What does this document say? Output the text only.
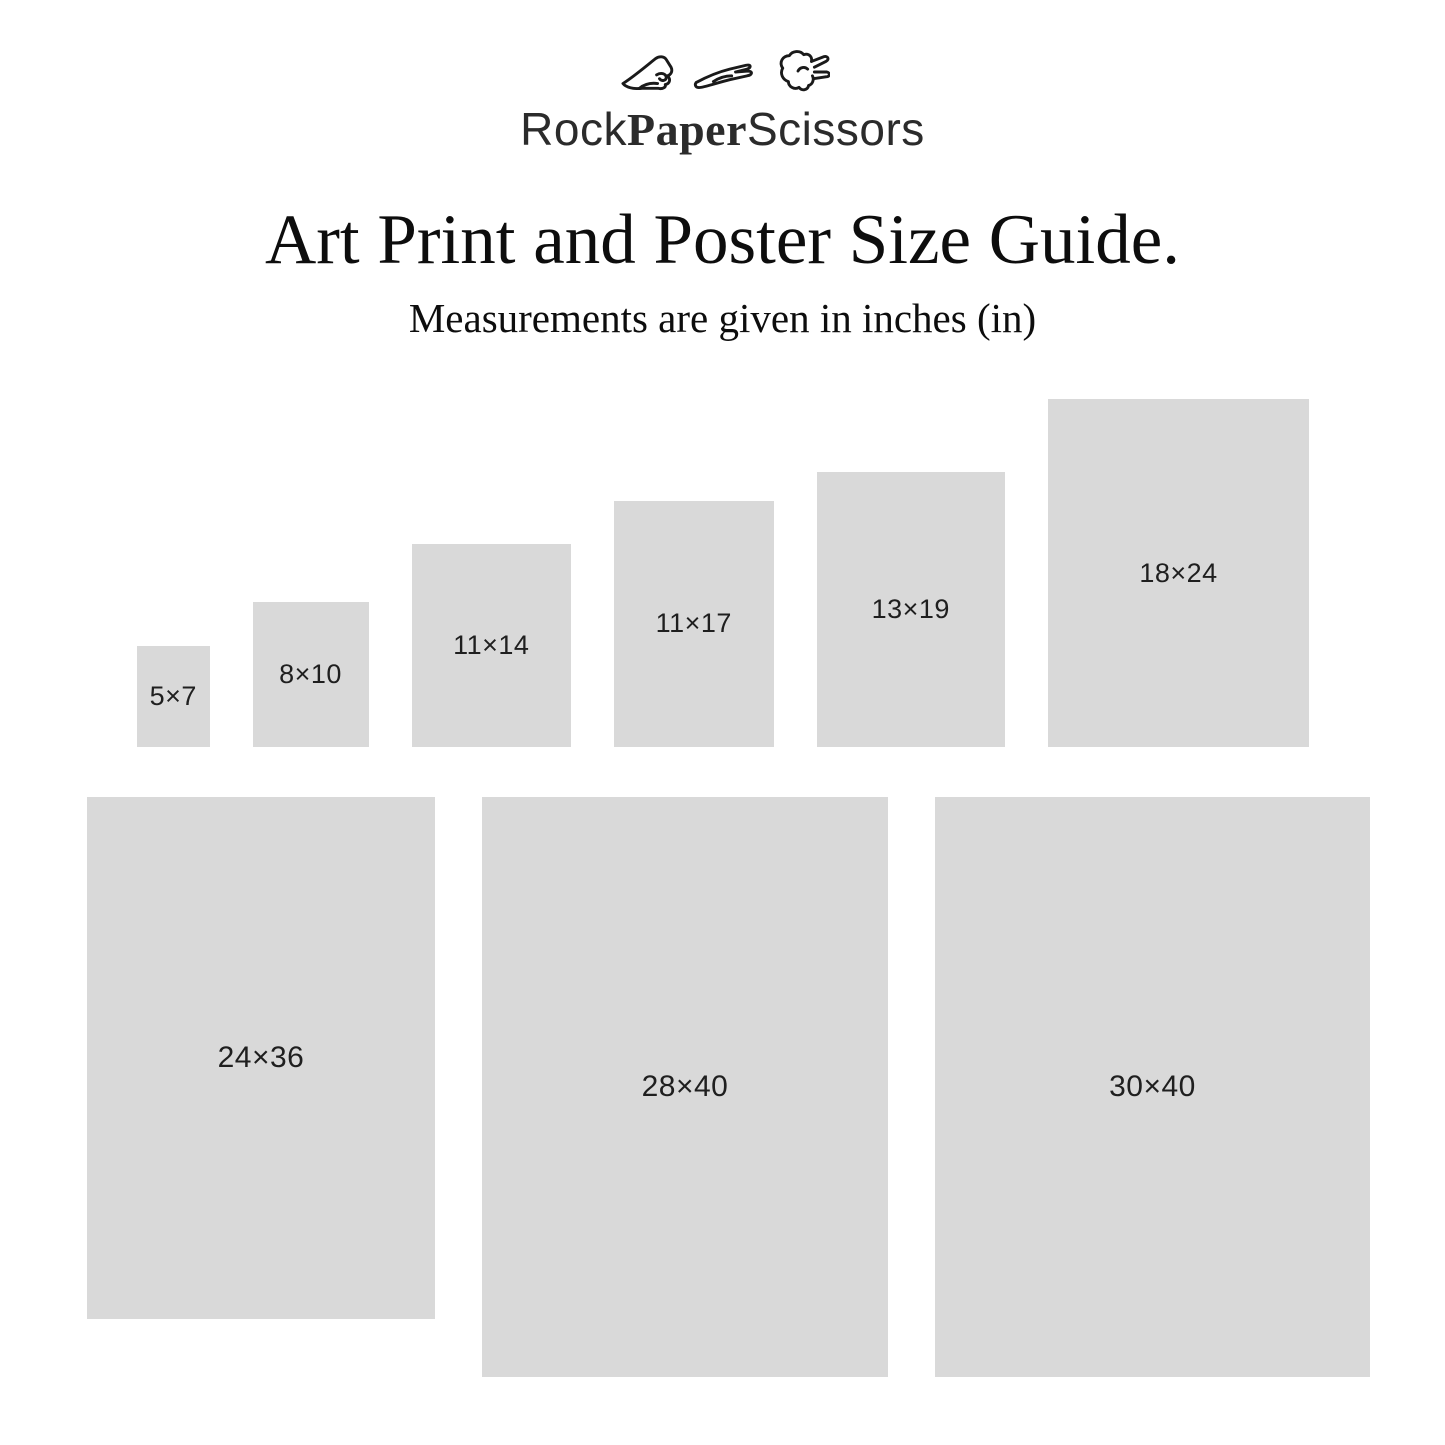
RockPaperScissors
Art Print and Poster Size Guide.

Measurements are given in inches (in)

5×7
8×10
11×14
11×17	13×19
18×24
24×36
28×40	30×40
